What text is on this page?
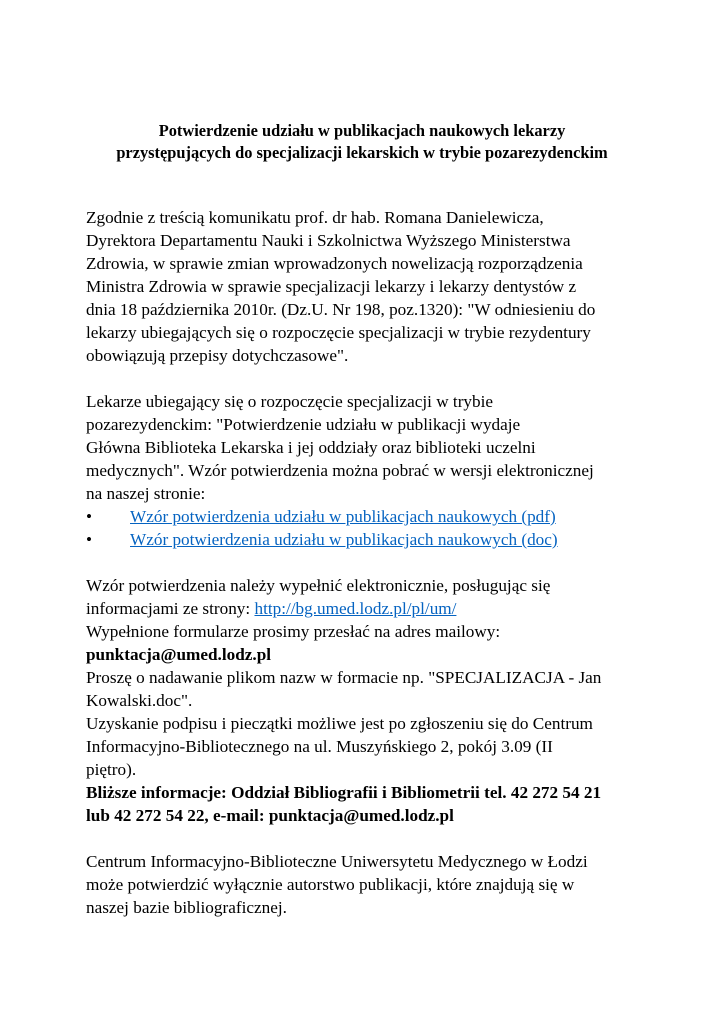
Potwierdzenie udziału w publikacjach naukowych lekarzy
przystępujących do specjalizacji lekarskich w trybie pozarezydenckim
Zgodnie z treścią komunikatu prof. dr hab. Romana Danielewicza,
Dyrektora Departamentu Nauki i Szkolnictwa Wyższego Ministerstwa
Zdrowia, w sprawie zmian wprowadzonych nowelizacją rozporządzenia
Ministra Zdrowia w sprawie specjalizacji lekarzy i lekarzy dentystów z
dnia 18 października 2010r. (Dz.U. Nr 198, poz.1320): "W odniesieniu do
lekarzy ubiegających się o rozpoczęcie specjalizacji w trybie rezydentury
obowiązują przepisy dotychczasowe".
Lekarze ubiegający się o rozpoczęcie specjalizacji w trybie
pozarezydenckim: "Potwierdzenie udziału w publikacji wydaje
Główna Biblioteka Lekarska i jej oddziały oraz biblioteki uczelni
medycznych". Wzór potwierdzenia można pobrać w wersji elektronicznej
na naszej stronie:
•	Wzór potwierdzenia udziału w publikacjach naukowych (pdf)
•	Wzór potwierdzenia udziału w publikacjach naukowych (doc)
Wzór potwierdzenia należy wypełnić elektronicznie, posługując się
informacjami ze strony: http://bg.umed.lodz.pl/pl/um/
Wypełnione formularze prosimy przesłać na adres mailowy:
punktacja@umed.lodz.pl
Proszę o nadawanie plikom nazw w formacie np. "SPECJALIZACJA - Jan
Kowalski.doc".
Uzyskanie podpisu i pieczątki możliwe jest po zgłoszeniu się do Centrum
Informacyjno-Bibliotecznego na ul. Muszyńskiego 2, pokój 3.09 (II
piętro).
Bliższe informacje: Oddział Bibliografii i Bibliometrii tel. 42 272 54 21
lub 42 272 54 22, e-mail: punktacja@umed.lodz.pl
Centrum Informacyjno-Biblioteczne Uniwersytetu Medycznego w Łodzi
może potwierdzić wyłącznie autorstwo publikacji, które znajdują się w
naszej bazie bibliograficznej.
